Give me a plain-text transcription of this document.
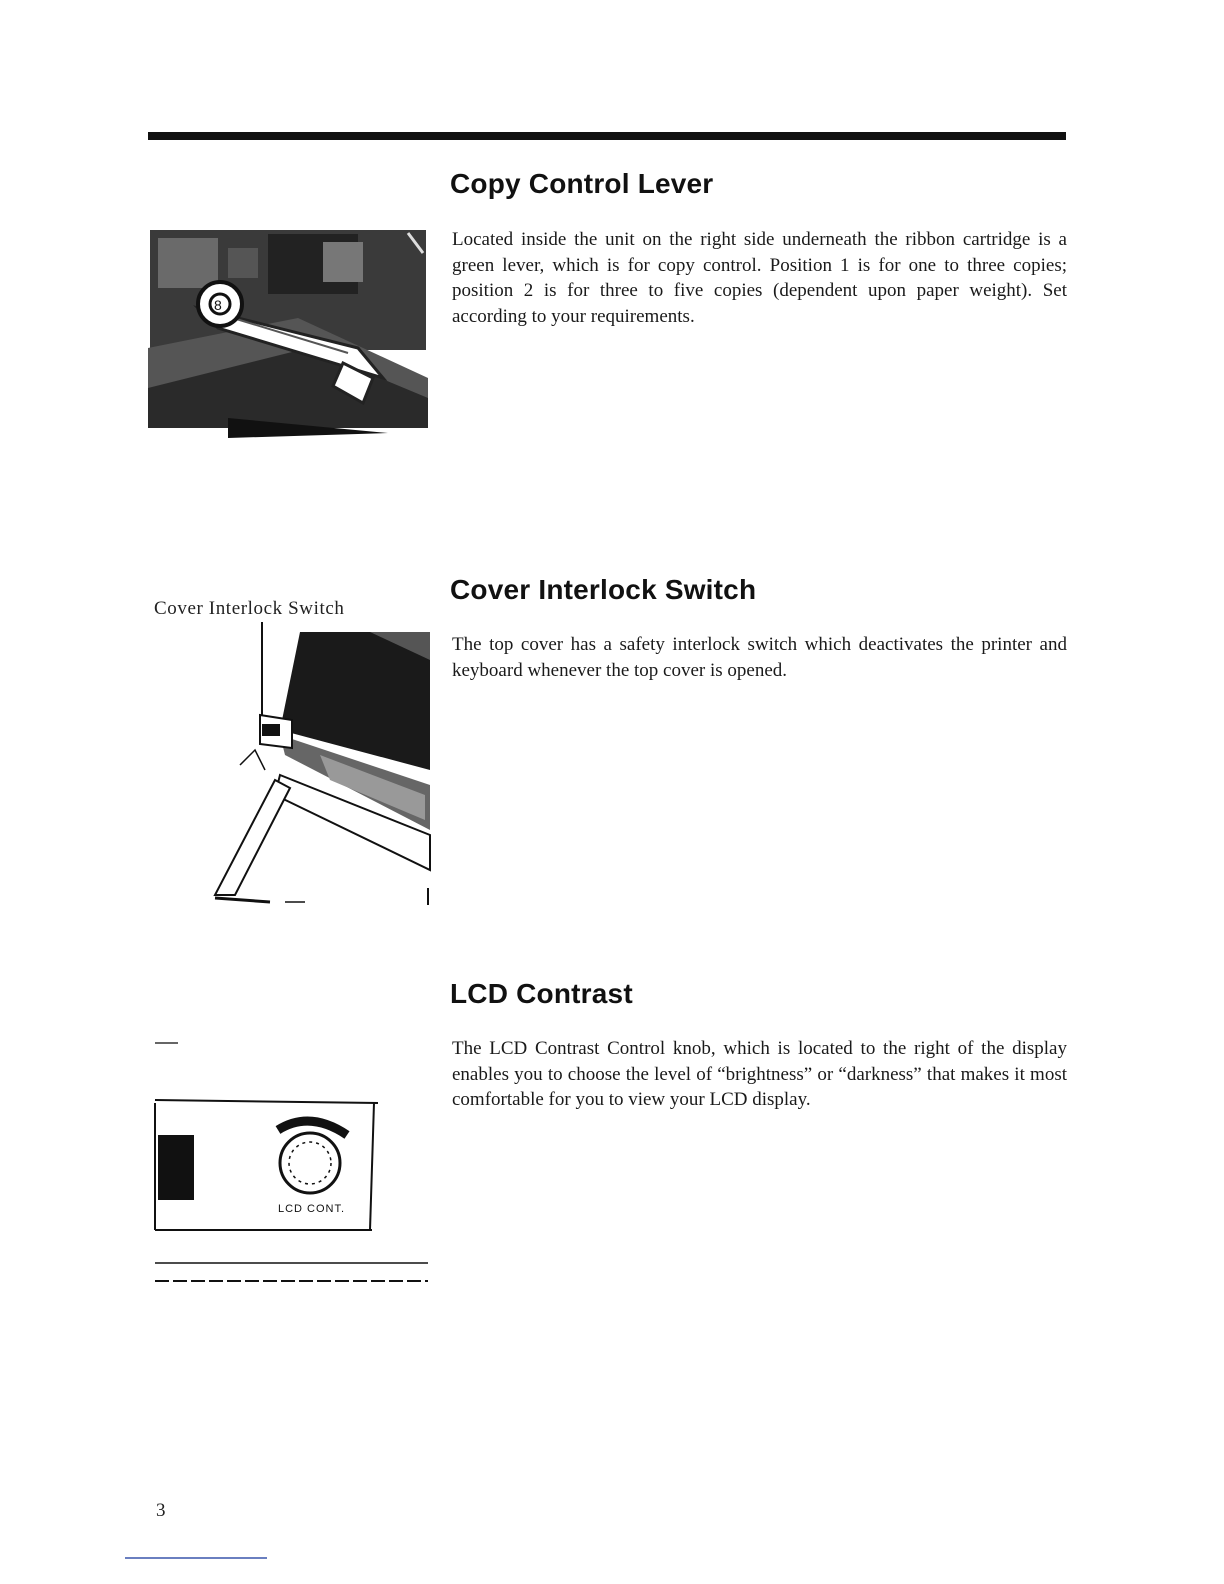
Copy Control Lever

Located inside the unit on the right side underneath the ribbon cartridge is a green lever, which is for copy control. Position 1 is for one to three copies; position 2 is for three to five copies (dependent upon paper weight). Set according to your requirements.

8
Cover Interlock Switch

The top cover has a safety interlock switch which deactivates the printer and keyboard whenever the top cover is opened.

Cover Interlock Switch

LCD Contrast

The LCD Contrast Control knob, which is located to the right of the display enables you to choose the level of “brightness” or “darkness” that makes it most comfortable for you to view your LCD display.

LCD CONT.
3
